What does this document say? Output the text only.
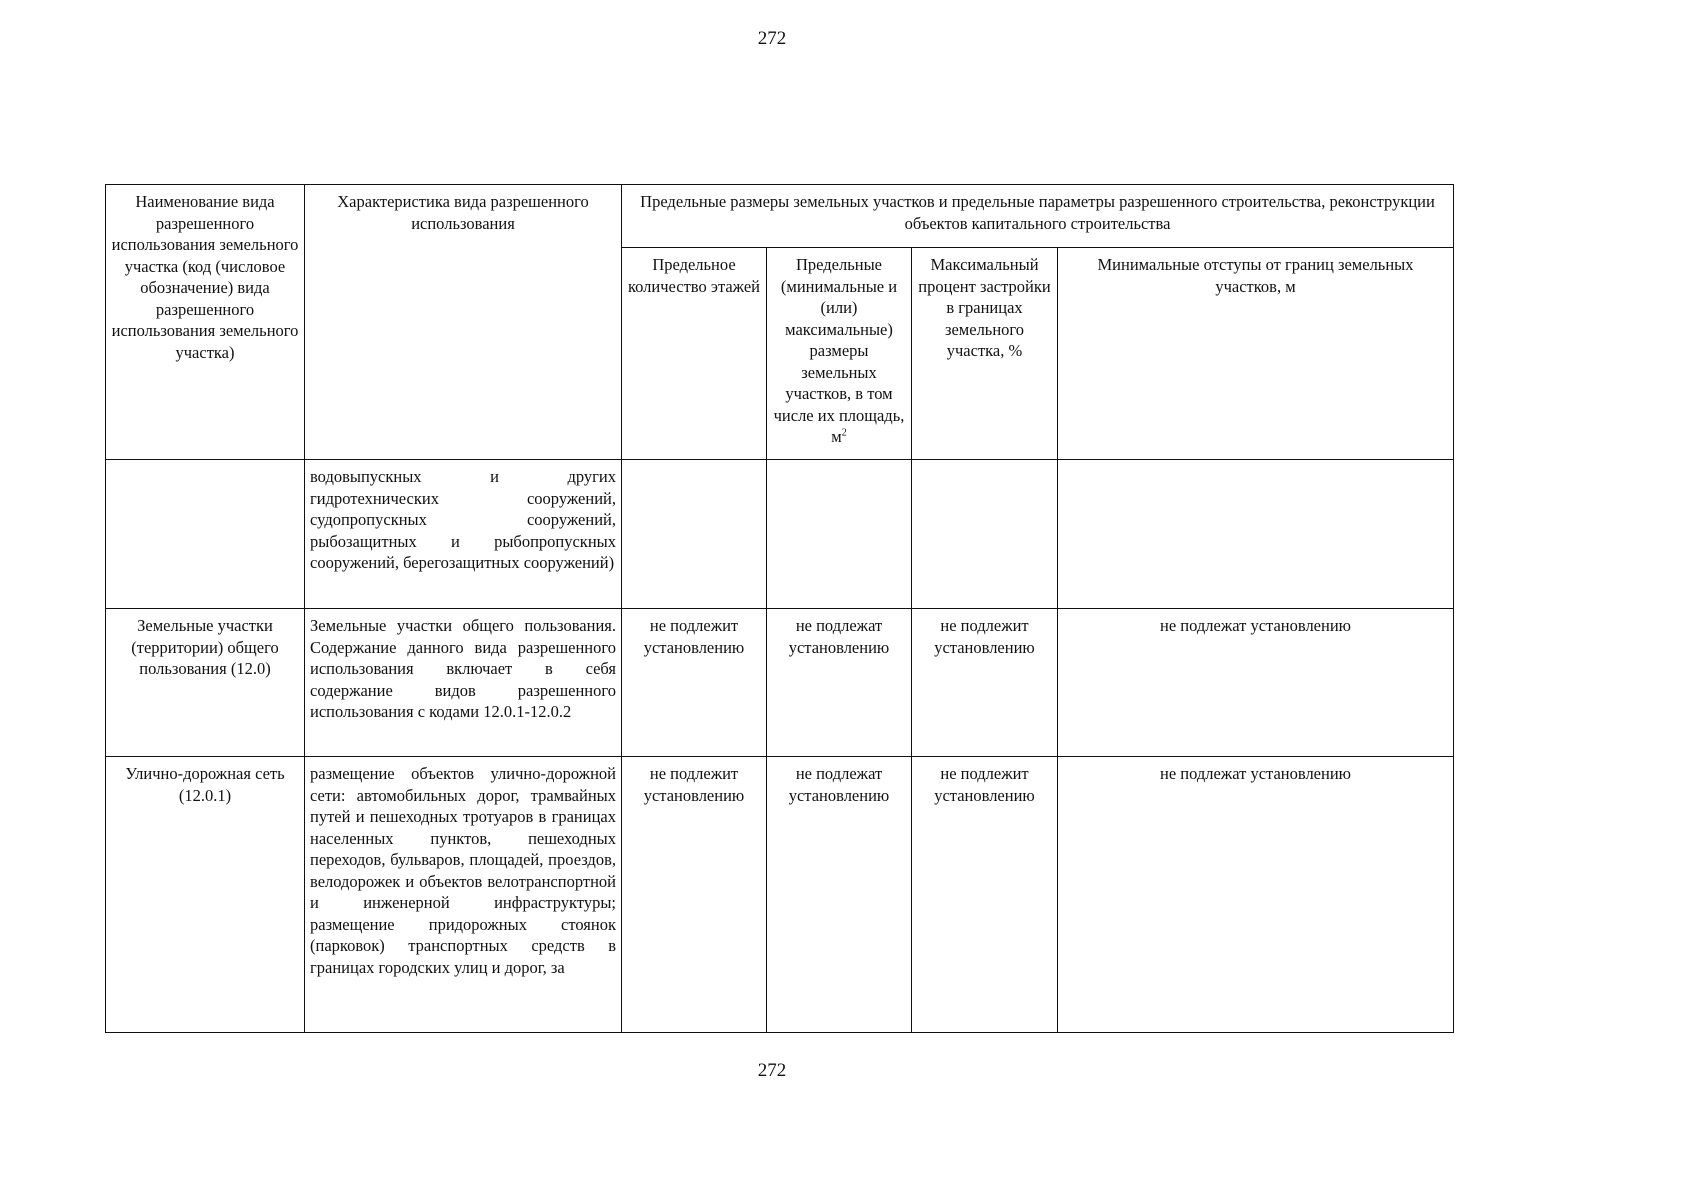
272
Наименование вида разрешенного использования земельного участка (код (числовое обозначение) вида разрешенного использования земельного участка)	Характеристика вида разрешенного использования	Предельные размеры земельных участков и предельные параметры разрешенного строительства, реконструкции объектов капитального строительства			
		Предельное количество этажей	Предельные (минимальные и (или) максимальные) размеры земельных участков, в том числе их площадь, $м^2$	Максимальный процент застройки в границах земельного участка, %	Минимальные отступы от границ земельных участков, м
	водовыпускных и других гидротехнических сооружений, судопропускных сооружений, рыбозащитных и рыбопропускных сооружений, берегозащитных сооружений)				
Земельные участки (территории) общего пользования (12.0)	Земельные участки общего пользования. Содержание данного вида разрешенного использования включает в себя содержание видов разрешенного использования с кодами 12.0.1-12.0.2	не подлежит установлению	не подлежат установлению	не подлежит установлению	не подлежат установлению
Улично-дорожная сеть (12.0.1)	размещение объектов улично-дорожной сети: автомобильных дорог, трамвайных путей и пешеходных тротуаров в границах населенных пунктов, пешеходных переходов, бульваров, площадей, проездов, велодорожек и объектов велотранспортной и инженерной инфраструктуры; размещение придорожных стоянок (парковок) транспортных средств в границах городских улиц и дорог, за	не подлежит установлению	не подлежат установлению	не подлежит установлению	не подлежат установлению
272
